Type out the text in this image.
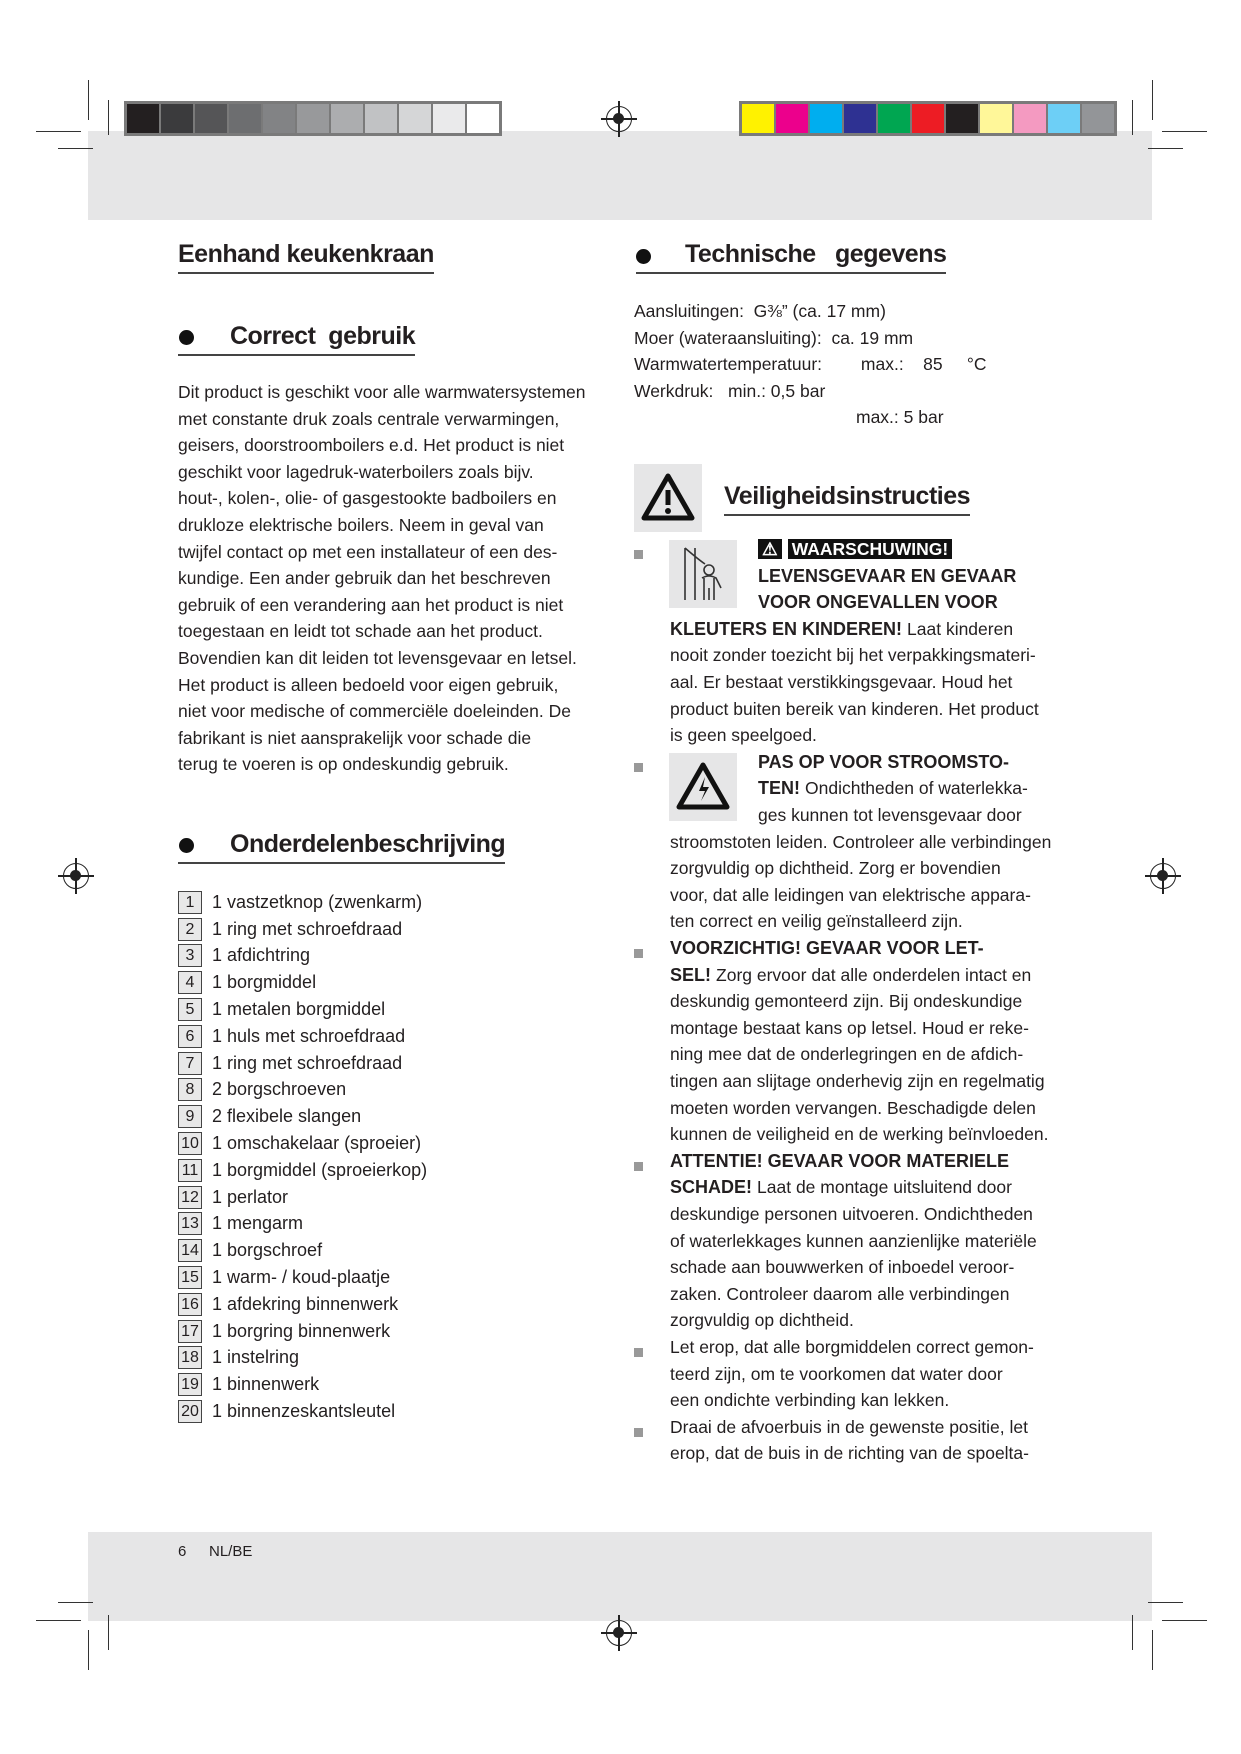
Eenhand keukenkraan
Correct  gebruik
Dit product is geschikt voor alle warmwatersystemen
met constante druk zoals centrale verwarmingen,
geisers, doorstroomboilers e.d. Het product is niet
geschikt voor lagedruk-waterboilers zoals bijv.
hout-, kolen-, olie- of gasgestookte badboilers en
drukloze elektrische boilers. Neem in geval van
twijfel contact op met een installateur of een des-
kundige. Een ander gebruik dan het beschreven
gebruik of een verandering aan het product is niet
toegestaan en leidt tot schade aan het product.
Bovendien kan dit leiden tot levensgevaar en letsel.
Het product is alleen bedoeld voor eigen gebruik,
niet voor medische of commerciële doeleinden. De
fabrikant is niet aansprakelijk voor schade die
terug te voeren is op ondeskundig gebruik.
Onderdelenbeschrijving
1 1 vastzetknop (zwenkarm)
2 1 ring met schroefdraad
3 1 afdichtring
4 1 borgmiddel
5 1 metalen borgmiddel
6 1 huls met schroefdraad
7 1 ring met schroefdraad
8 2 borgschroeven
9 2 flexibele slangen
10 1 omschakelaar (sproeier)
11 1 borgmiddel (sproeierkop)
12 1 perlator
13 1 mengarm
14 1 borgschroef
15 1 warm- / koud-plaatje
16 1 afdekring binnenwerk
17 1 borgring binnenwerk
18 1 instelring
19 1 binnenwerk
20 1 binnenzeskantsleutel
Technische   gegevens
Aansluitingen:  G⅜” (ca. 17 mm)
Moer (wateraansluiting):  ca. 19 mm
Warmwatertemperatuur:        max.:    85     °C
Werkdruk:   min.: 0,5 bar
max.: 5 bar
Veiligheidsinstructies
⚠ WAARSCHUWING!
LEVENSGEVAAR EN GEVAAR
VOOR ONGEVALLEN VOOR
KLEUTERS EN KINDEREN! Laat kinderen
nooit zonder toezicht bij het verpakkingsmateri-
aal. Er bestaat verstikkingsgevaar. Houd het
product buiten bereik van kinderen. Het product
is geen speelgoed.
PAS OP VOOR STROOMSTO-
TEN! Ondichtheden of waterlekka-
ges kunnen tot levensgevaar door
stroomstoten leiden. Controleer alle verbindingen
zorgvuldig op dichtheid. Zorg er bovendien
voor, dat alle leidingen van elektrische appara-
ten correct en veilig geïnstalleerd zijn.
VOORZICHTIG! GEVAAR VOOR LET-
SEL! Zorg ervoor dat alle onderdelen intact en
deskundig gemonteerd zijn. Bij ondeskundige
montage bestaat kans op letsel. Houd er reke-
ning mee dat de onderlegringen en de afdich-
tingen aan slijtage onderhevig zijn en regelmatig
moeten worden vervangen. Beschadigde delen
kunnen de veiligheid en de werking beïnvloeden.
ATTENTIE! GEVAAR VOOR MATERIELE
SCHADE! Laat de montage uitsluitend door
deskundige personen uitvoeren. Ondichtheden
of waterlekkages kunnen aanzienlijke materiële
schade aan bouwwerken of inboedel veroor-
zaken. Controleer daarom alle verbindingen
zorgvuldig op dichtheid.
Let erop, dat alle borgmiddelen correct gemon-
teerd zijn, om te voorkomen dat water door
een ondichte verbinding kan lekken.
Draai de afvoerbuis in de gewenste positie, let
erop, dat de buis in de richting van de spoelta-
6 NL/BE
